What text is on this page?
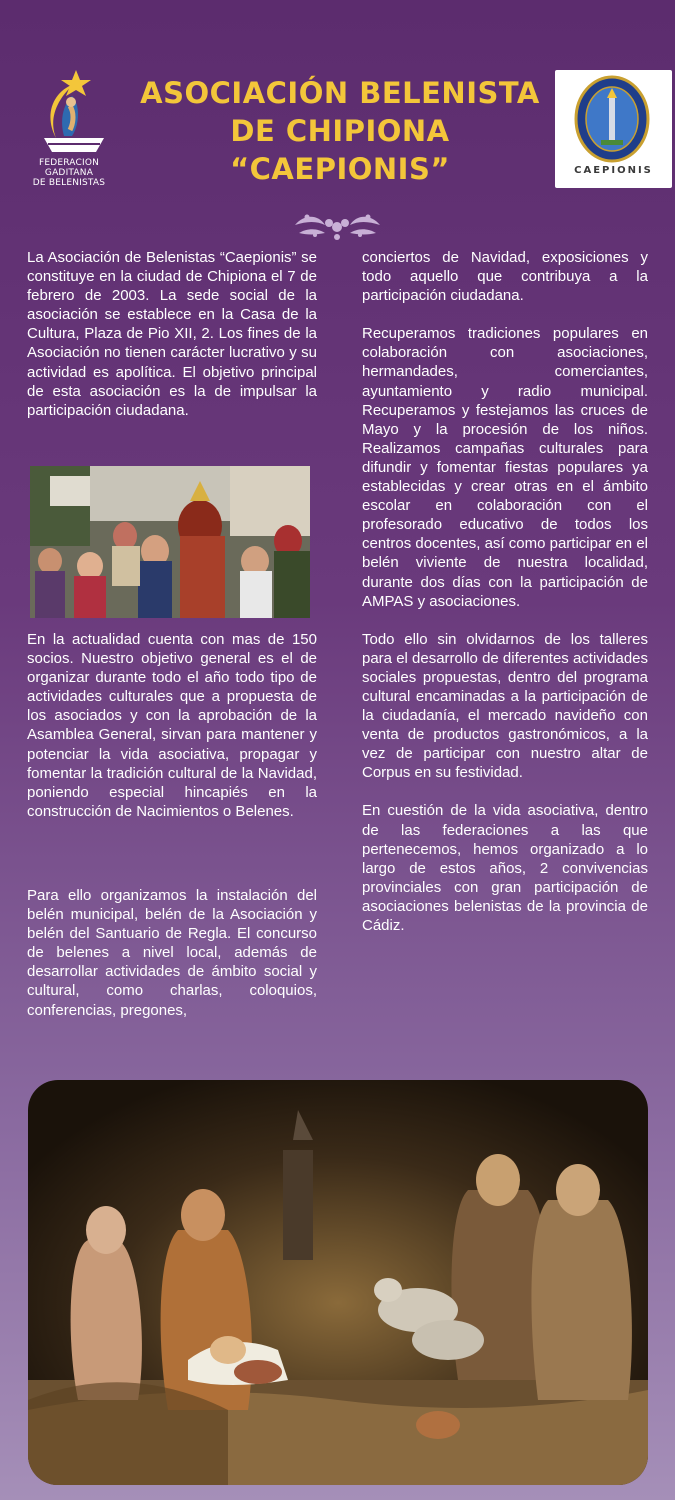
FEDERACION GADITANA
DE BELENISTAS
ASOCIACIÓN BELENISTA
DE CHIPIONA
“CAEPIONIS”	CAEPIONIS
La Asociación de Belenistas “Caepionis” se constituye en la ciudad de Chipiona el 7 de febrero de 2003. La sede social de la asociación se establece en la Casa de la Cultura, Plaza de Pio XII, 2. Los fines de la Asociación no tienen carácter lucrativo y su actividad es apolítica. El objetivo principal de esta asociación es la de impulsar la participación ciudadana.
En la actualidad cuenta con mas de 150 socios. Nuestro objetivo general es el de organizar durante todo el año todo tipo de actividades culturales que a propuesta de los asociados y con la aprobación de la Asamblea General, sirvan para mantener y potenciar la vida asociativa, propagar y fomentar la tradición cultural de la Navidad, poniendo especial hincapiés en la construcción de Nacimientos o Belenes.
Para ello organizamos la instalación del belén municipal, belén de la Asociación y belén del Santuario de Regla. El concurso de belenes a nivel local, además de desarrollar actividades de ámbito social y cultural, como charlas, coloquios, conferencias, pregones,

conciertos de Navidad, exposiciones y todo aquello que contribuya a la participación ciudadana.

Recuperamos tradiciones populares en colaboración con asociaciones, hermandades, comerciantes, ayuntamiento y radio municipal. Recuperamos y festejamos las cruces de Mayo y la procesión de los niños. Realizamos campañas culturales para difundir y fomentar fiestas populares ya establecidas y crear otras en el ámbito escolar en colaboración con el profesorado educativo de todos los centros docentes, así como participar en el belén viviente de nuestra localidad, durante dos días con la participación de AMPAS y asociaciones.

Todo ello sin olvidarnos de los talleres para el desarrollo de diferentes actividades sociales propuestas, dentro del programa cultural encaminadas a la participación de la ciudadanía, el mercado navideño con venta de productos gastronómicos, a la vez de participar con nuestro altar de Corpus en su festividad.

En cuestión de la vida asociativa, dentro de las federaciones a las que pertenecemos, hemos organizado a lo largo de estos años, 2 convivencias provinciales con gran participación de asociaciones belenistas de la provincia de Cádiz.
